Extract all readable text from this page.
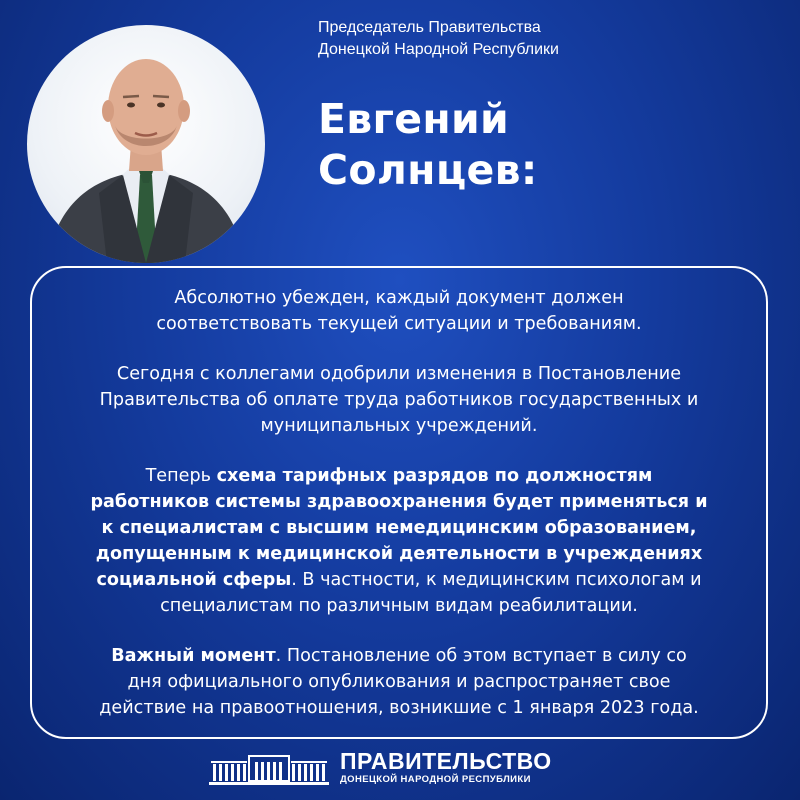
Председатель Правительства
Донецкой Народной Республики
Евгений
Солнцев:

Абсолютно убежден, каждый документ должен
соответствовать текущей ситуации и требованиям.

Сегодня с коллегами одобрили изменения в Постановление
Правительства об оплате труда работников государственных и
муниципальных учреждений.

Теперь схема тарифных разрядов по должностям
работников системы здравоохранения будет применяться и
к специалистам с высшим немедицинским образованием,
допущенным к медицинской деятельности в учреждениях
социальной сферы. В частности, к медицинским психологам и
специалистам по различным видам реабилитации.

Важный момент. Постановление об этом вступает в силу со
дня официального опубликования и распространяет свое
действие на правоотношения, возникшие с 1 января 2023 года.

ПРАВИТЕЛЬСТВО
ДОНЕЦКОЙ НАРОДНОЙ РЕСПУБЛИКИ
